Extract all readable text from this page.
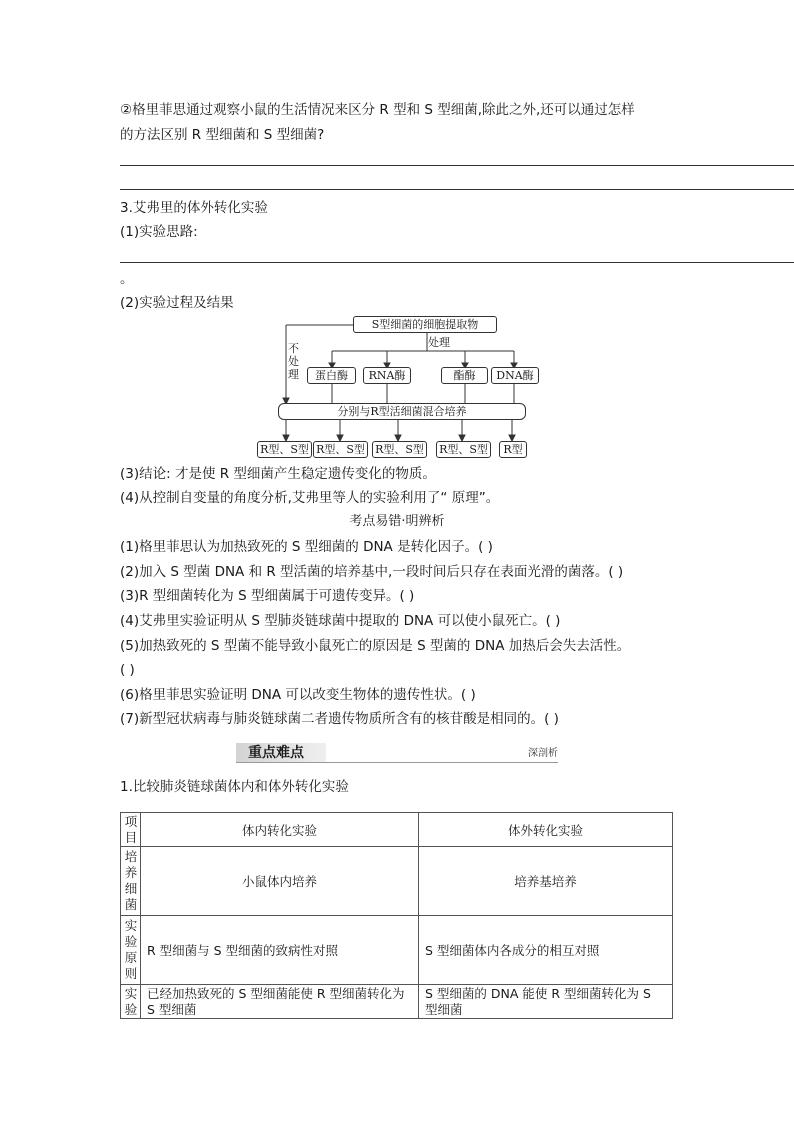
②格里菲思通过观察小鼠的生活情况来区分 R 型和 S 型细菌,除此之外,还可以通过怎样
的方法区别 R 型细菌和 S 型细菌?
3.艾弗里的体外转化实验
(1)实验思路:
。
(2)实验过程及结果
S型细菌的细胞提取物
处理
不
处
理	蛋白酶	RNA酶	酯酶	DNA酶
分别与R型活细菌混合培养
R型、S型 R型、S型 R型、S型 R型、S型	R型
(3)结论: 才是使 R 型细菌产生稳定遗传变化的物质。
(4)从控制自变量的角度分析,艾弗里等人的实验利用了“ 原理”。
考点易错·明辨析
(1)格里菲思认为加热致死的 S 型细菌的 DNA 是转化因子。( )
(2)加入 S 型菌 DNA 和 R 型活菌的培养基中,一段时间后只存在表面光滑的菌落。( )
(3)R 型细菌转化为 S 型细菌属于可遗传变异。( )
(4)艾弗里实验证明从 S 型肺炎链球菌中提取的 DNA 可以使小鼠死亡。( )
(5)加热致死的 S 型菌不能导致小鼠死亡的原因是 S 型菌的 DNA 加热后会失去活性。
( )
(6)格里菲思实验证明 DNA 可以改变生物体的遗传性状。( )
(7)新型冠状病毒与肺炎链球菌二者遗传物质所含有的核苷酸是相同的。( )
重点难点	深剖析
1.比较肺炎链球菌体内和体外转化实验
项目	体内转化实验	体外转化实验

培养细菌	小鼠体内培养	培养基培养

实验原则	R 型细菌与 S 型细菌的致病性对照	S 型细菌体内各成分的相互对照

实验	已经加热致死的 S 型细菌能使 R 型细菌转化为 S 型细菌	S 型细菌的 DNA 能使 R 型细菌转化为 S 型细菌
